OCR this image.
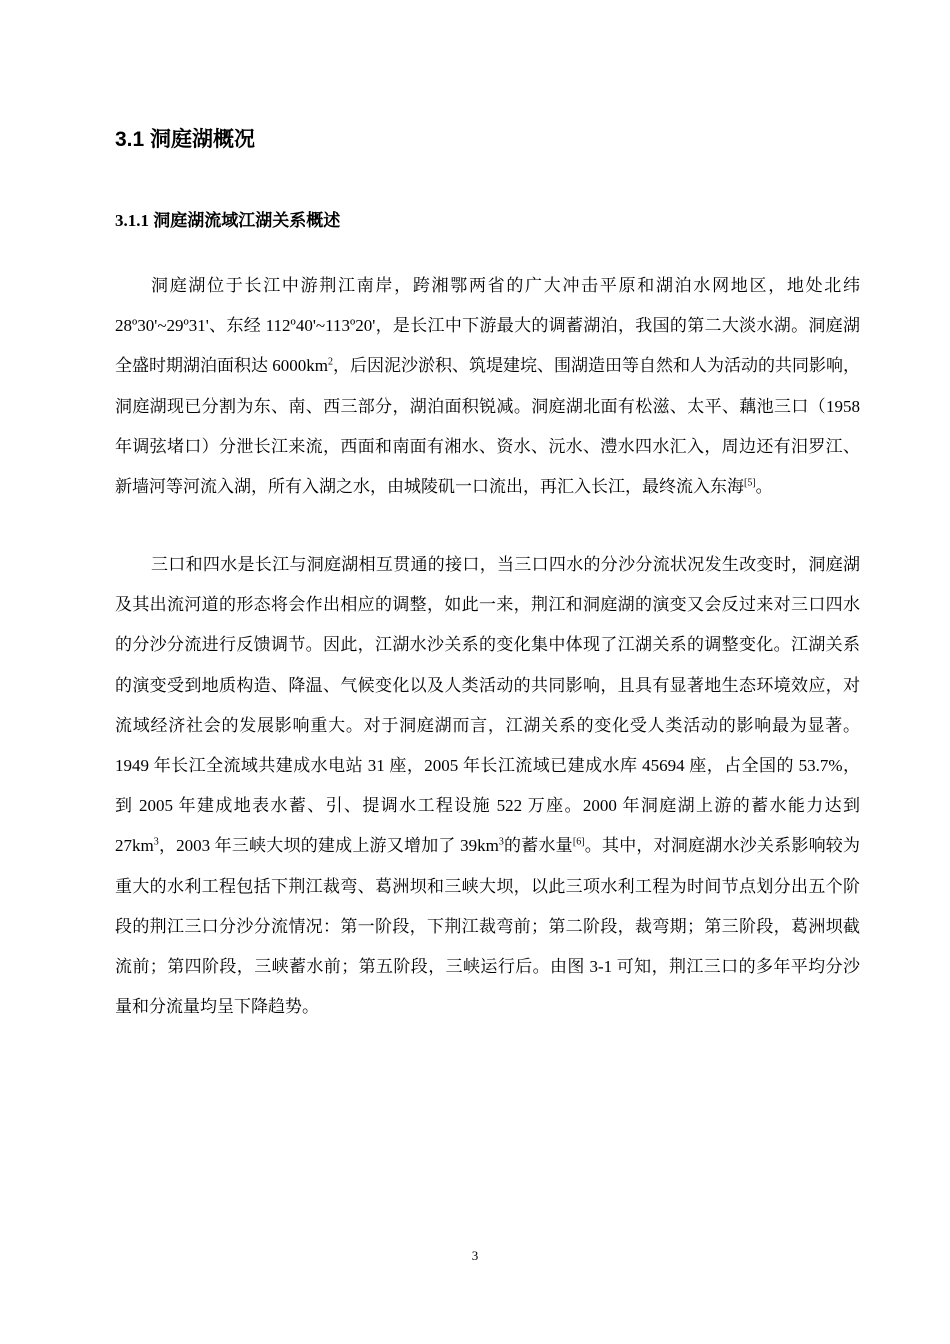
3.1 洞庭湖概况
3.1.1 洞庭湖流域江湖关系概述

洞庭湖位于长江中游荆江南岸，跨湘鄂两省的广大冲击平原和湖泊水网地区，地处北纬 28º30'~29º31'、东经 112º40'~113º20'，是长江中下游最大的调蓄湖泊，我国的第二大淡水湖。洞庭湖全盛时期湖泊面积达 $6000km^2$，后因泥沙淤积、筑堤建垸、围湖造田等自然和人为活动的共同影响，洞庭湖现已分割为东、南、西三部分，湖泊面积锐减。洞庭湖北面有松滋、太平、藕池三口（1958 年调弦堵口）分泄长江来流，西面和南面有湘水、资水、沅水、澧水四水汇入，周边还有汨罗江、新墙河等河流入湖，所有入湖之水，由城陵矶一口流出，再汇入长江，最终流入东海[5]。

三口和四水是长江与洞庭湖相互贯通的接口，当三口四水的分沙分流状况发生改变时，洞庭湖及其出流河道的形态将会作出相应的调整，如此一来，荆江和洞庭湖的演变又会反过来对三口四水的分沙分流进行反馈调节。因此，江湖水沙关系的变化集中体现了江湖关系的调整变化。江湖关系的演变受到地质构造、降温、气候变化以及人类活动的共同影响，且具有显著地生态环境效应，对流域经济社会的发展影响重大。对于洞庭湖而言，江湖关系的变化受人类活动的影响最为显著。1949 年长江全流域共建成水电站 31 座，2005 年长江流域已建成水库 45694 座，占全国的 53.7%，到 2005 年建成地表水蓄、引、提调水工程设施 522 万座。2000 年洞庭湖上游的蓄水能力达到 $27km^3$，2003 年三峡大坝的建成上游又增加了 $39km^3$的蓄水量[6]。其中，对洞庭湖水沙关系影响较为重大的水利工程包括下荆江裁弯、葛洲坝和三峡大坝，以此三项水利工程为时间节点划分出五个阶段的荆江三口分沙分流情况：第一阶段，下荆江裁弯前；第二阶段，裁弯期；第三阶段，葛洲坝截流前；第四阶段，三峡蓄水前；第五阶段，三峡运行后。由图 3-1 可知，荆江三口的多年平均分沙量和分流量均呈下降趋势。

3
